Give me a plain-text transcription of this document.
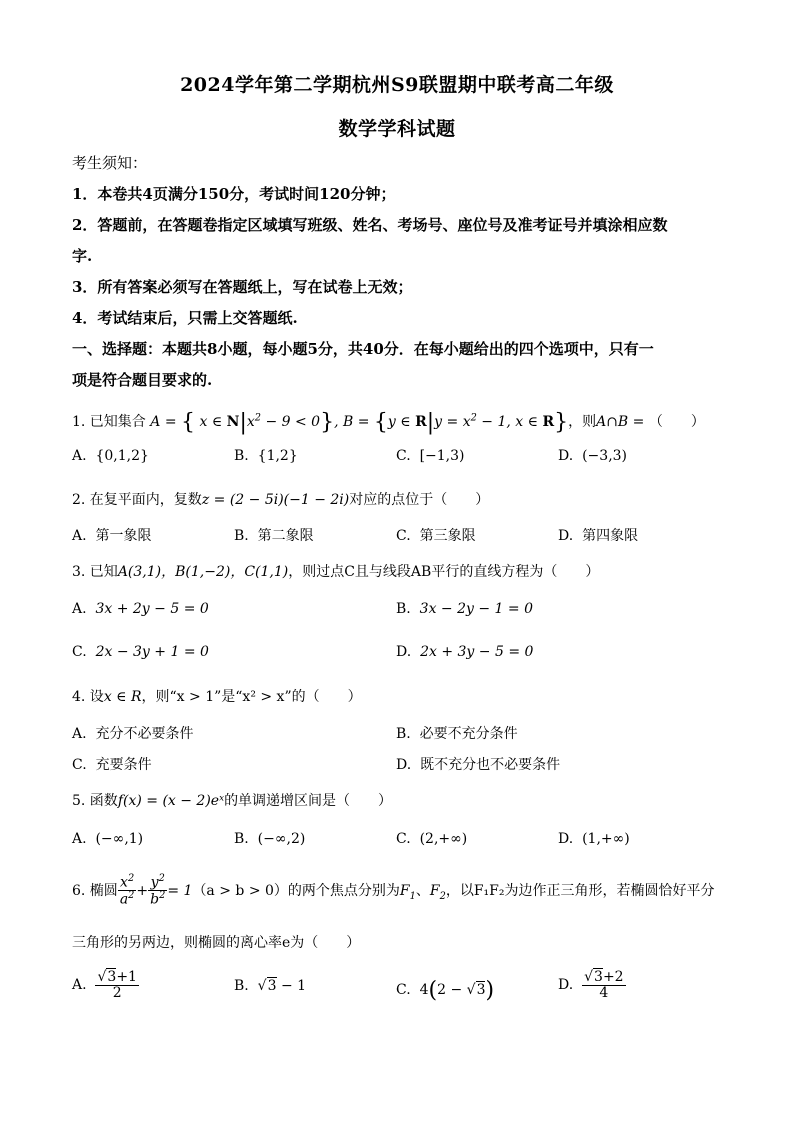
2024学年第二学期杭州S9联盟期中联考高二年级
数学学科试题
考生须知：
1．本卷共4页满分150分，考试时间120分钟；
2．答题前，在答题卷指定区域填写班级、姓名、考场号、座位号及准考证号并填涂相应数
字.
3．所有答案必须写在答题纸上，写在试卷上无效；
4．考试结束后，只需上交答题纸.
一、选择题：本题共8小题，每小题5分，共40分．在每小题给出的四个选项中，只有一
项是符合题目要求的.
1. 已知集合 A = { x ∈ $N|x^2 - 9 < 0$}, B = {y ∈ $R|y = x^2 - 1$, x ∈ R}，则A∩B = （　　）
A. {0,1,2}	B. {1,2}	C. [−1,3)	D. (−3,3)
2. 在复平面内，复数z = (2 − 5i)(−1 − 2i)对应的点位于（　　）
A. 第一象限	B. 第二象限	C. 第三象限	D. 第四象限
3. 已知A(3,1)，B(1,−2)，C(1,1)，则过点C且与线段AB平行的直线方程为（　　）
A. 3x + 2y − 5 = 0	B. 3x − 2y − 1 = 0
C. 2x − 3y + 1 = 0	D. 2x + 3y − 5 = 0
4. 设x ∈ R，则“x > 1”是“x² > x”的（　　）
A. 充分不必要条件	B. 必要不充分条件
C. 充要条件	D. 既不充分也不必要条件
5. 函数f(x) = (x − 2)eˣ的单调递增区间是（　　）
A. (−∞,1)	B. (−∞,2)	C. (2,+∞)	D. (1,+∞)
6. 椭圆 $\frac{x^2}{a^2} + \frac{y^2}{b^2} = 1(a > b > 0)$的两个焦点分别为$F_1$、$F_2$，以F₁F₂为边作正三角形，若椭圆恰好平分
三角形的另两边，则椭圆的离心率e为（　　）
A. $\frac{√3+1}{2}$	B. √3 − 1	C. 4(2 − √3)	D. $\frac{√3+2}{4}$
